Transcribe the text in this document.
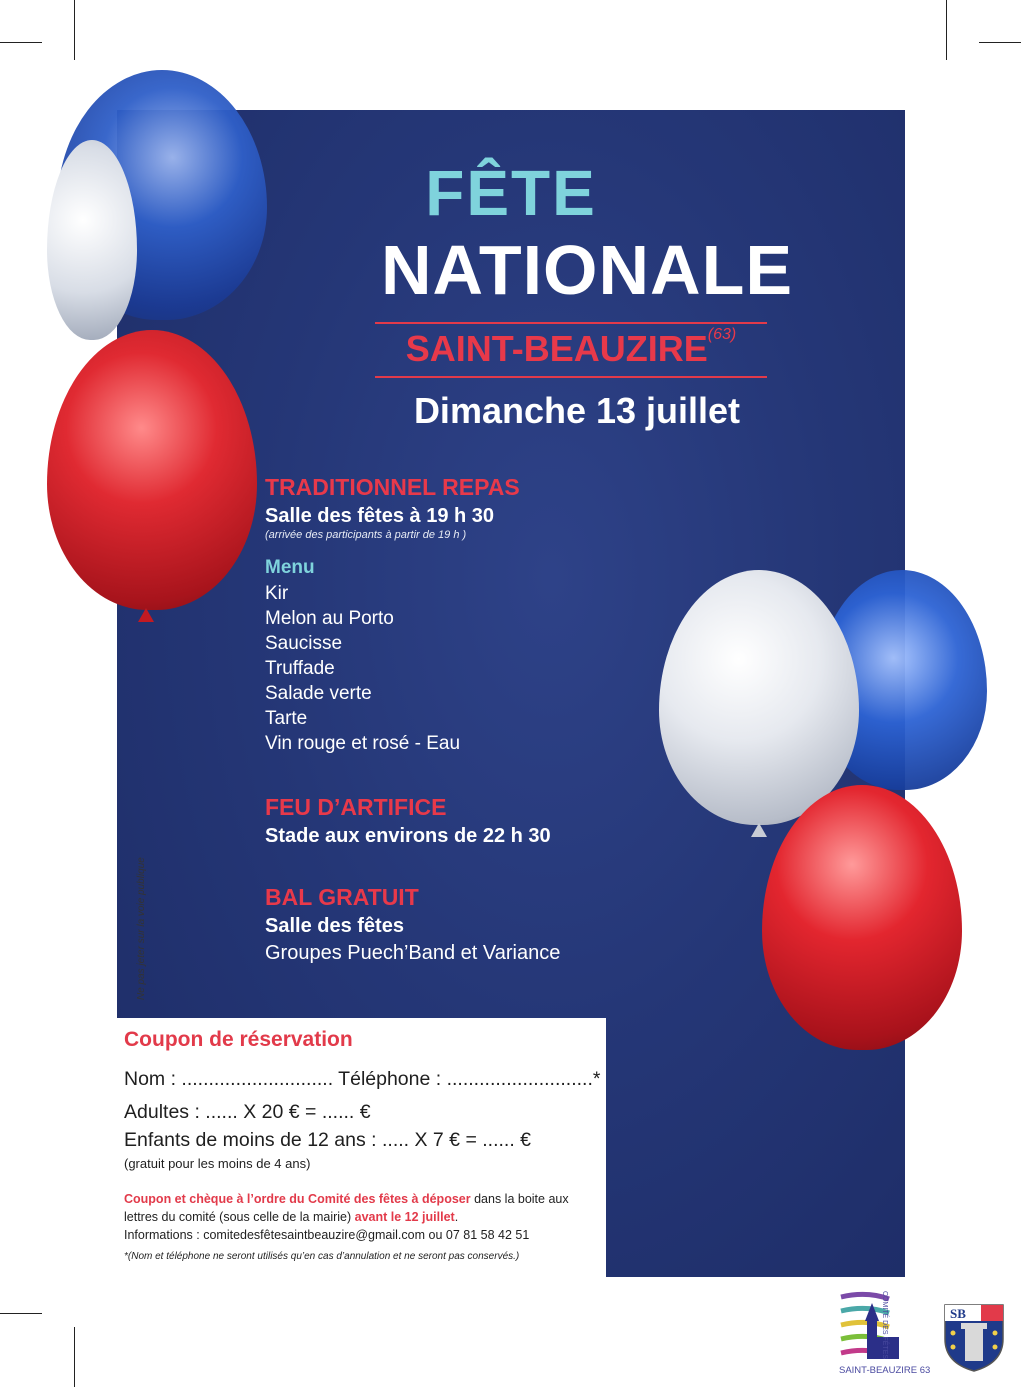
FÊTE
NATIONALE
SAINT-BEAUZIRE$^{(63)}$
Dimanche 13 juillet
TRADITIONNEL REPAS
Salle des fêtes à 19 h 30
(arrivée des participants à partir de 19 h )
Menu
Kir
Melon au Porto
Saucisse
Truffade
Salade verte
Tarte
Vin rouge et rosé - Eau
FEU D’ARTIFICE
Stade aux environs de 22 h 30
BAL GRATUIT
Salle des fêtes
Groupes Puech’Band et Variance
COMITÉ DES FÊTES
SAINT-BEAUZIRE 63
SB
Ne pas jeter sur la voie publique
Coupon de réservation
Nom : ............................ Téléphone : ...........................*
Adultes : ...... X 20 € = ...... €
Enfants de moins de 12 ans : ..... X 7 € = ...... €
(gratuit pour les moins de 4 ans)
Coupon et chèque à l’ordre du Comité des fêtes à déposer dans la boite aux lettres du comité (sous celle de la mairie) avant le 12 juillet.
Informations : comitedesfêtesaintbeauzire@gmail.com ou 07 81 58 42 51
*(Nom et téléphone ne seront utilisés qu’en cas d’annulation et ne seront pas conservés.)
